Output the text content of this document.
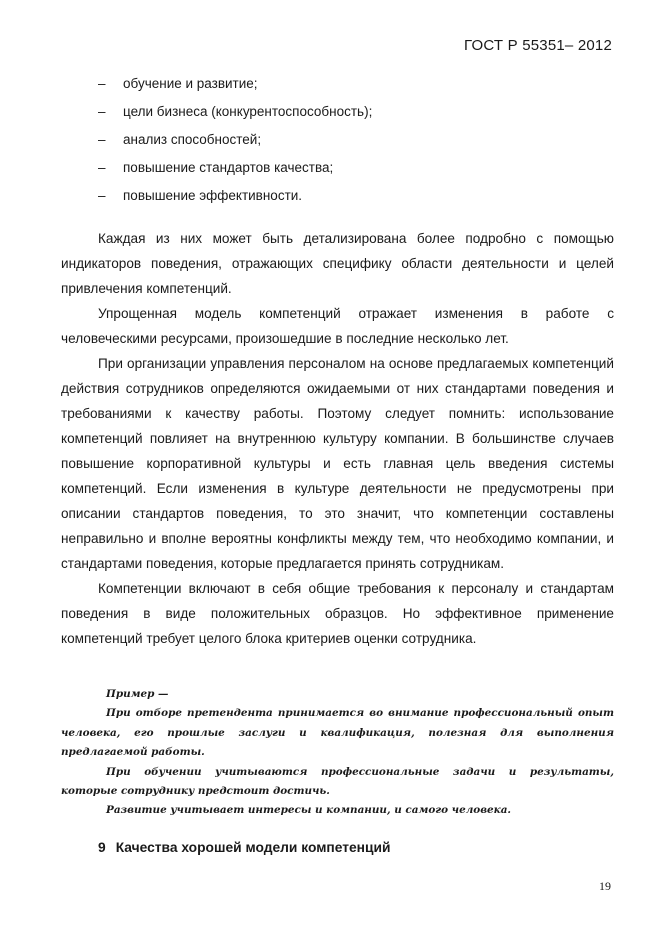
ГОСТ Р 55351– 2012
–	обучение и развитие;
–	цели бизнеса (конкурентоспособность);
–	анализ способностей;
–	повышение стандартов качества;
–	повышение эффективности.

Каждая из них может быть детализирована более подробно с помощью индикаторов поведения, отражающих специфику области деятельности и целей привлечения компетенций.

Упрощенная модель компетенций отражает изменения в работе с человеческими ресурсами, произошедшие в последние несколько лет.

При организации управления персоналом на основе предлагаемых компетенций действия сотрудников определяются ожидаемыми от них стандартами поведения и требованиями к качеству работы. Поэтому следует помнить: использование компетенций повлияет на внутреннюю культуру компании. В большинстве случаев повышение корпоративной культуры и есть главная цель введения системы компетенций. Если изменения в культуре деятельности не предусмотрены при описании стандартов поведения, то это значит, что компетенции составлены неправильно и вполне вероятны конфликты между тем, что необходимо компании, и стандартами поведения, которые предлагается принять сотрудникам.

Компетенции включают в себя общие требования к персоналу и стандартам поведения в виде положительных образцов. Но эффективное применение компетенций требует целого блока критериев оценки сотрудника.

Пример —

При отборе претендента принимается во внимание профессиональный опыт человека, его прошлые заслуги и квалификация, полезная для выполнения предлагаемой работы.

При обучении учитываются профессиональные задачи и результаты, которые сотруднику предстоит достичь.

Развитие учитывает интересы и компании, и самого человека.

9 Качества хорошей модели компетенций
19
